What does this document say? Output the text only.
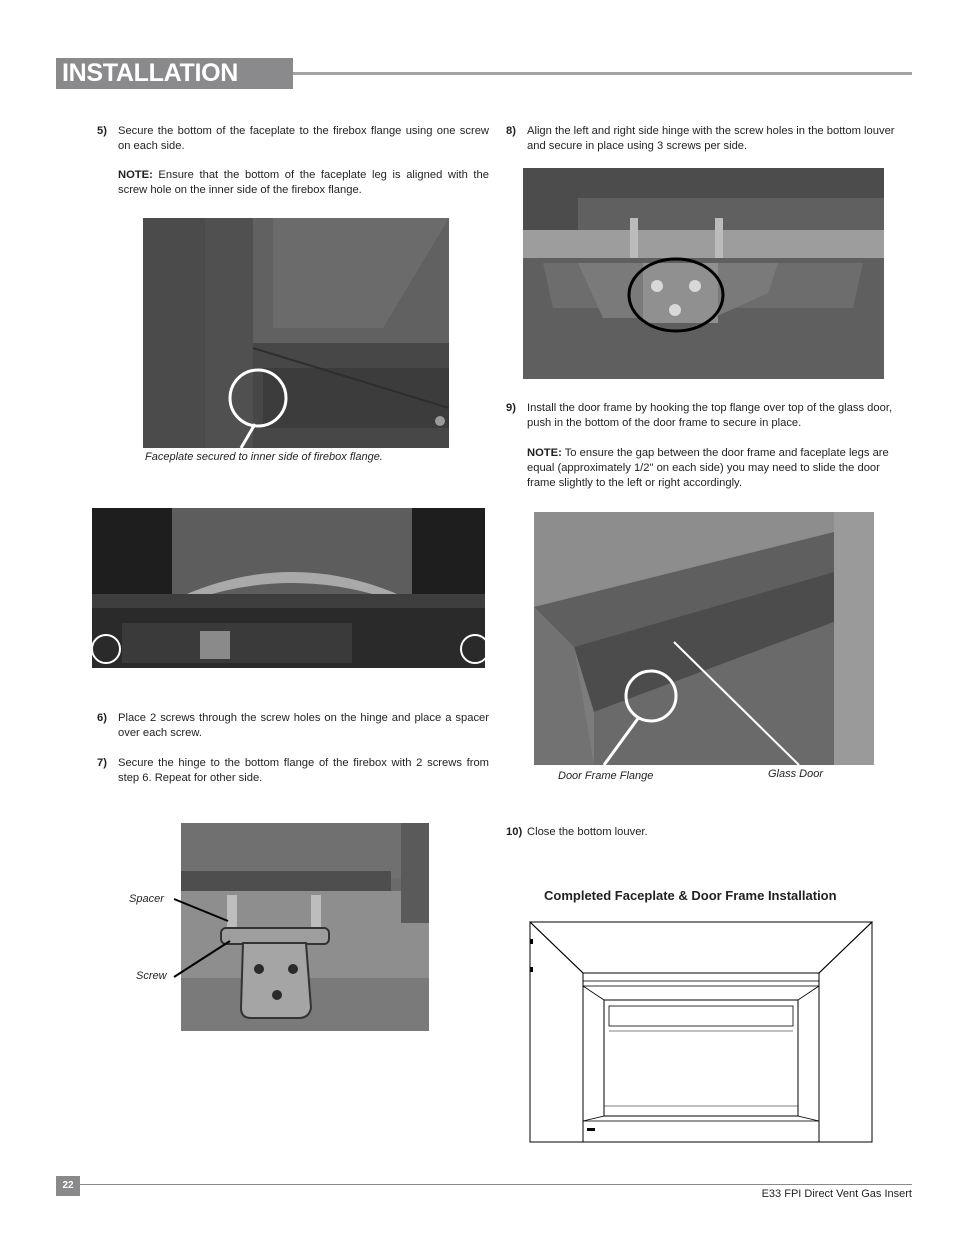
INSTALLATION
5) Secure the bottom of the faceplate to the firebox flange using one screw on each side.
NOTE: Ensure that the bottom of the faceplate leg is aligned with the screw hole on the inner side of the firebox flange.
Faceplate secured to inner side of firebox flange.
6) Place 2 screws through the screw holes on the hinge and place a spacer over each screw.
7) Secure the hinge to the bottom flange of the firebox with 2 screws from step 6. Repeat for other side.
Spacer
Screw
8) Align the left and right side hinge with the screw holes in the bottom louver and secure in place using 3 screws per side.
9) Install the door frame by hooking the top flange over top of the glass door, push in the bottom of the door frame to secure in place.
NOTE: To ensure the gap between the door frame and faceplate legs are equal (approximately 1/2" on each side) you may need to slide the door frame slightly to the left or right accordingly.
Door Frame Flange	Glass Door
10) Close the bottom louver.
Completed Faceplate & Door Frame Installation
22
E33 FPI Direct Vent Gas Insert
